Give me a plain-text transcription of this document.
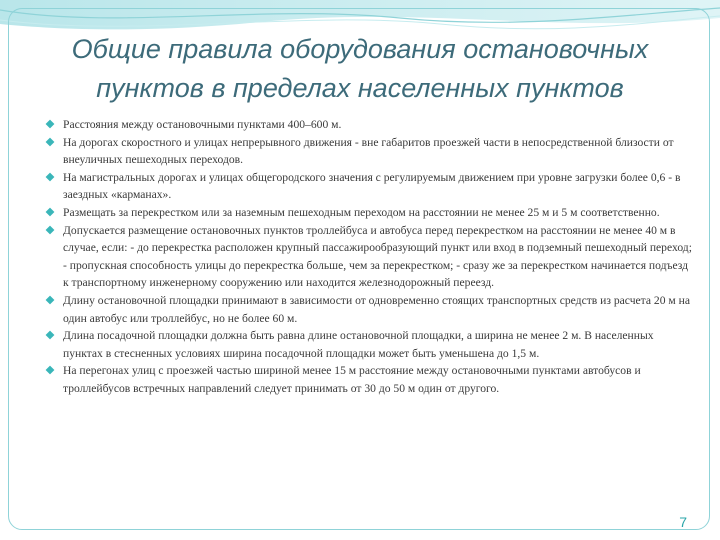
Общие правила оборудования остановочных
пунктов в пределах населенных пунктов
Расстояния между остановочными пунктами 400–600 м.
На дорогах скоростного и улицах непрерывного движения - вне габаритов проезжей части в непосредственной близости от внеуличных пешеходных переходов.
На магистральных дорогах и улицах общегородского значения с регулируемым движением при уровне загрузки более 0,6 - в заездных «карманах».
Размещать за перекрестком или за наземным пешеходным переходом на расстоянии не менее 25 м и 5 м соответственно.
Допускается размещение остановочных пунктов троллейбуса и автобуса перед перекрестком на расстоянии не менее 40 м в случае, если: - до перекрестка расположен крупный пассажирообразующий пункт или вход в подземный пешеходный переход; - пропускная способность улицы до перекрестка больше, чем за перекрестком; - сразу же за перекрестком начинается подъезд к транспортному инженерному сооружению или находится железнодорожный переезд.
Длину остановочной площадки принимают в зависимости от одновременно стоящих транспортных средств из расчета 20 м на один автобус или троллейбус, но не более 60 м.
Длина посадочной площадки должна быть равна длине остановочной площадки, а ширина не менее 2 м. В населенных пунктах в стесненных условиях ширина посадочной площадки может быть уменьшена до 1,5 м.
На перегонах улиц с проезжей частью шириной менее 15 м расстояние между остановочными пунктами автобусов и троллейбусов встречных направлений следует принимать от 30 до 50 м один от другого.
7
